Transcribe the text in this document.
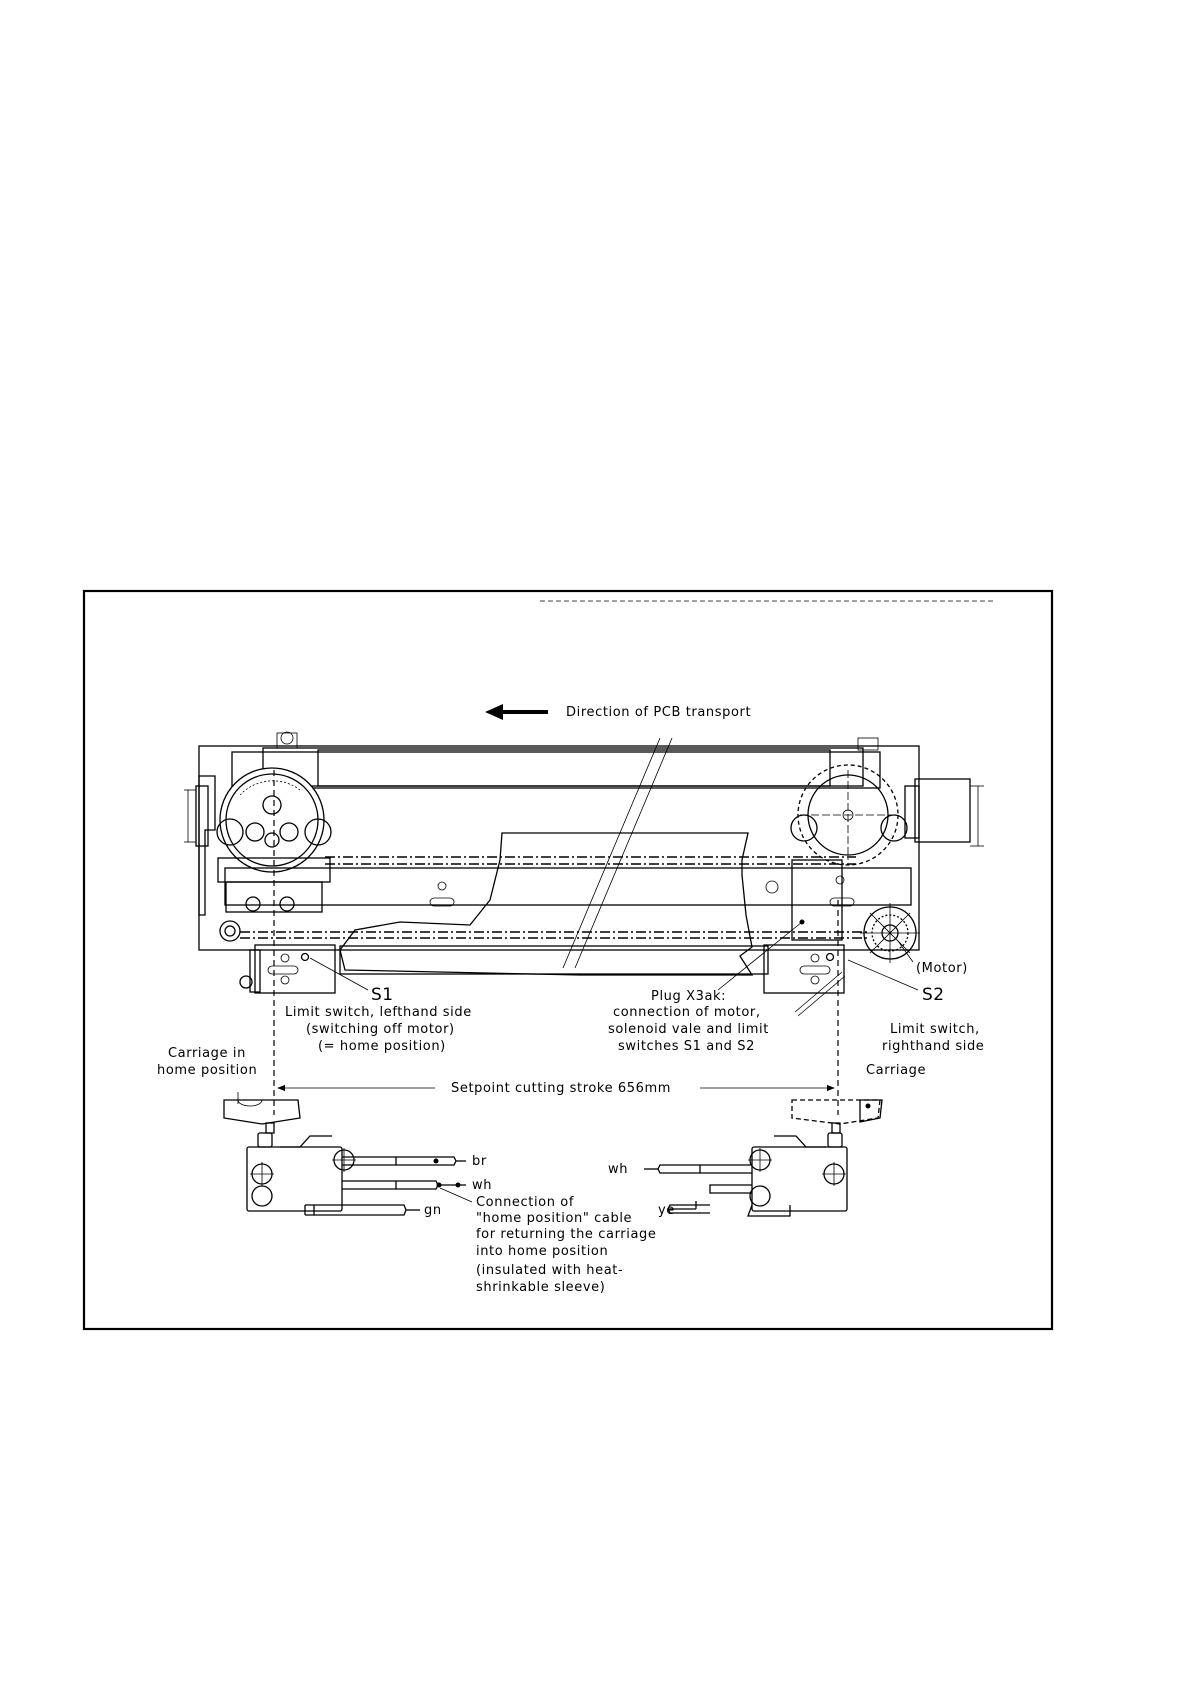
Direction of PCB transport
(Motor)
S1
Limit switch, lefthand side
(switching off motor)
(= home position)
Plug X3ak:
connection of motor,
solenoid vale and limit
switches S1 and S2
S2
Limit switch,
righthand side
Carriage in
home position	Carriage
Setpoint cutting stroke 656mm
br
wh
gn
wh
ye
Connection of
"home position" cable
for returning the carriage
into home position
(insulated with heat-
shrinkable sleeve)
